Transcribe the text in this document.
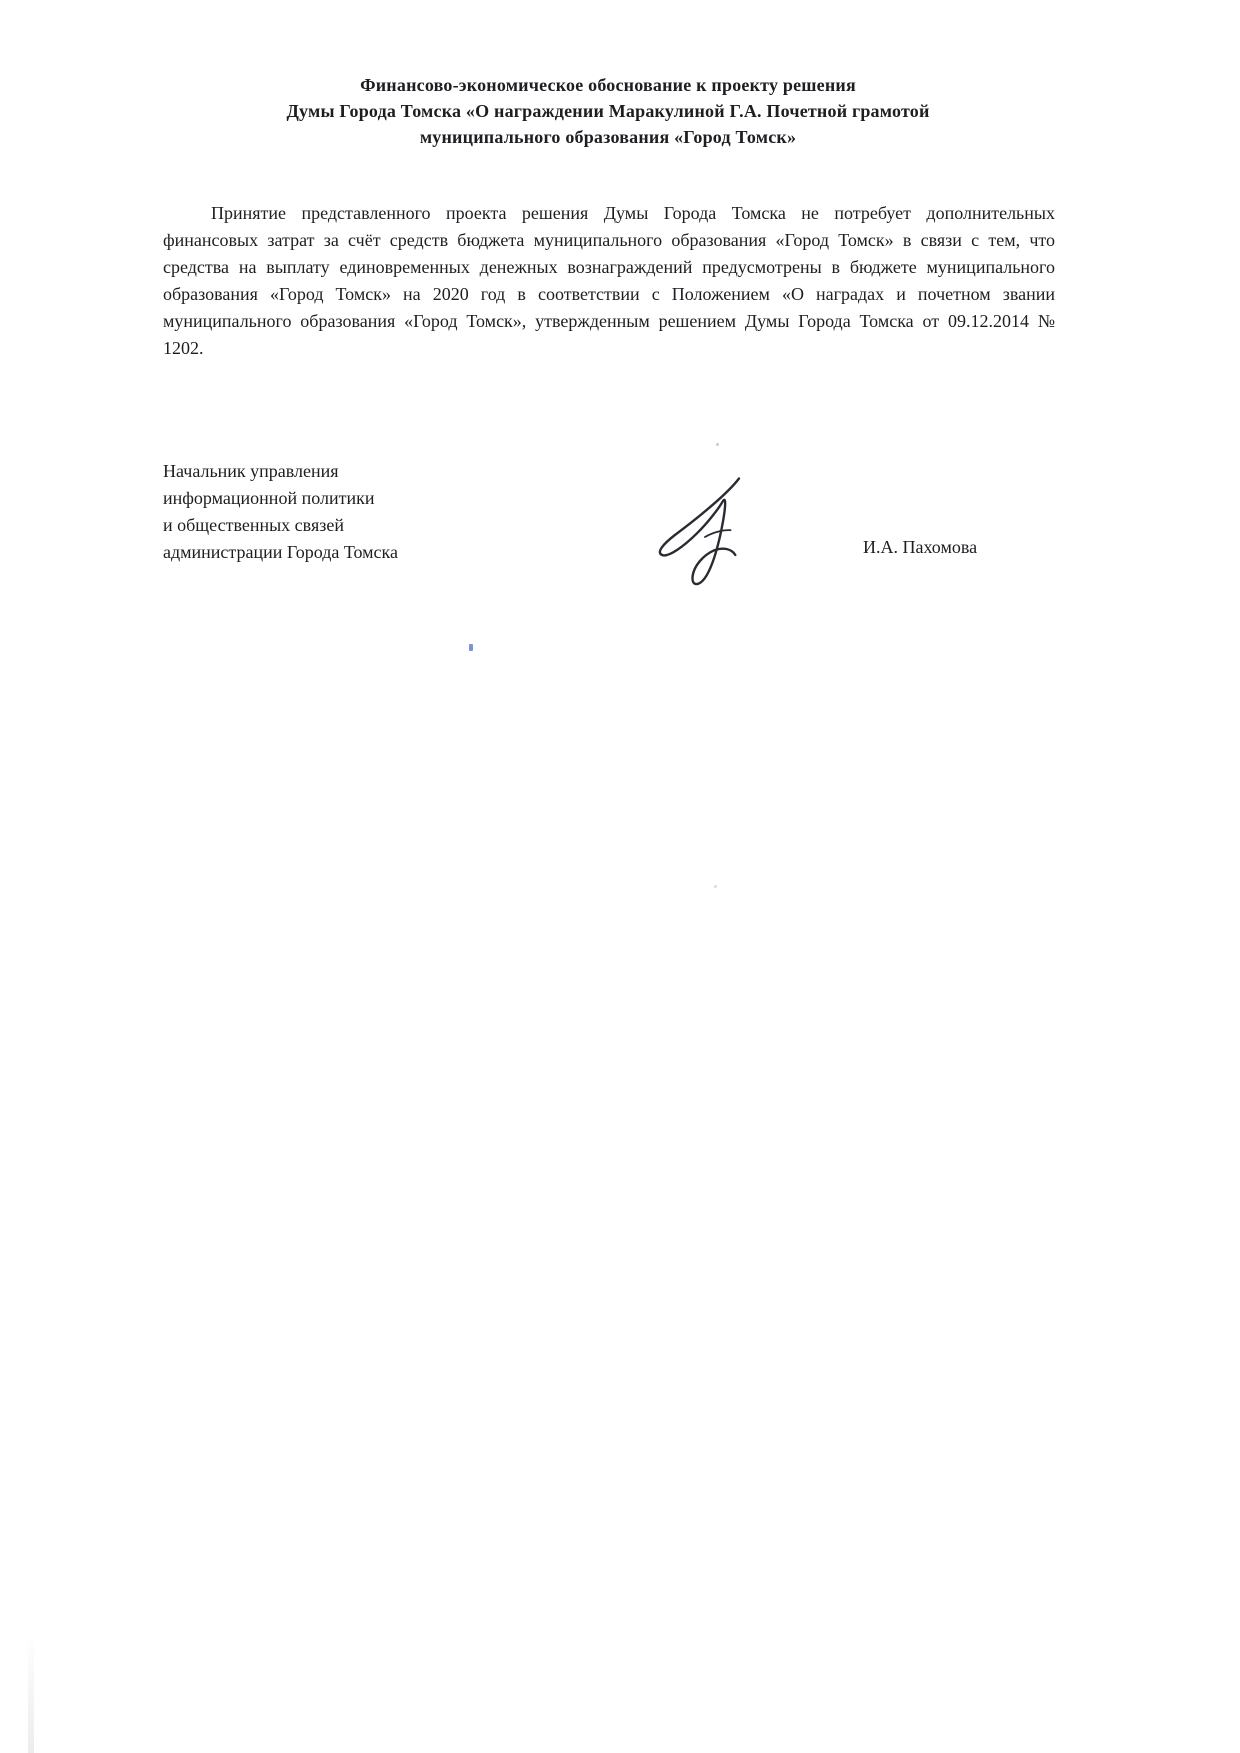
Финансово-экономическое обоснование к проекту решения
Думы Города Томска «О награждении Маракулиной Г.А. Почетной грамотой
муниципального образования «Город Томск»

Принятие представленного проекта решения Думы Города Томска не потребует дополнительных финансовых затрат за счёт средств бюджета муниципального образования «Город Томск» в связи с тем, что средства на выплату единовременных денежных вознаграждений предусмотрены в бюджете муниципального образования «Город Томск» на 2020 год в соответствии с Положением «О наградах и почетном звании муниципального образования «Город Томск», утвержденным решением Думы Города Томска от 09.12.2014 № 1202.

Начальник управления
информационной политики
и общественных связей
администрации Города Томска	И.А. Пахомова
